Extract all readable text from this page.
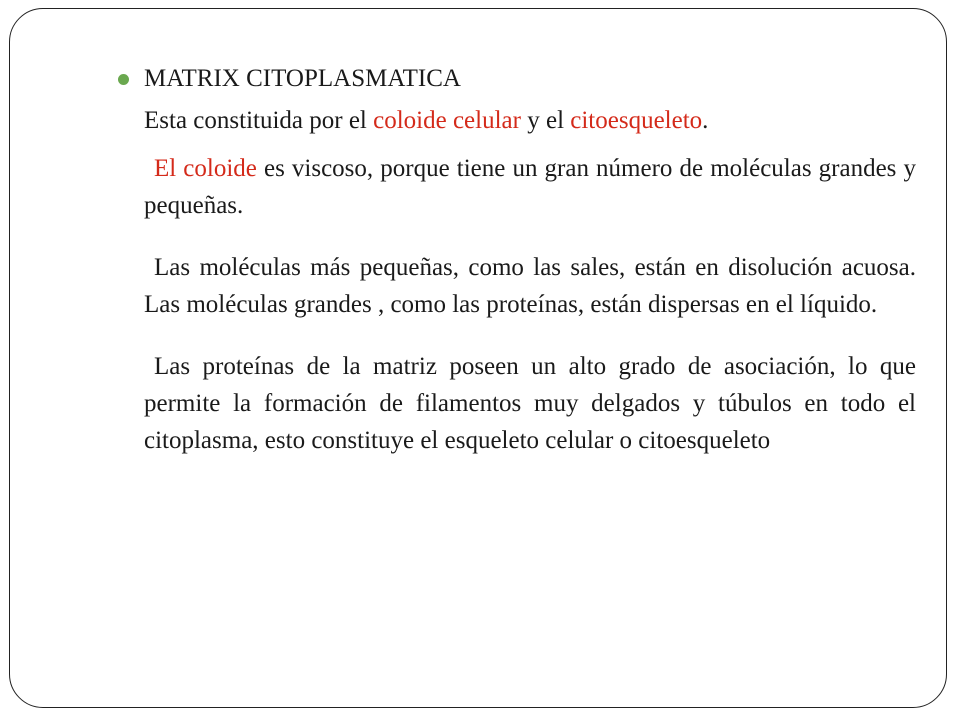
MATRIX CITOPLASMATICA
Esta constituida por el coloide celular y el citoesqueleto.

El coloide es viscoso, porque tiene un gran número de moléculas grandes y pequeñas.

Las moléculas más pequeñas, como las sales, están en disolución acuosa. Las moléculas grandes , como las proteínas, están dispersas en el líquido.

Las proteínas de la matriz poseen un alto grado de asociación, lo que permite la formación de filamentos muy delgados y túbulos en todo el citoplasma, esto constituye el esqueleto celular o citoesqueleto
